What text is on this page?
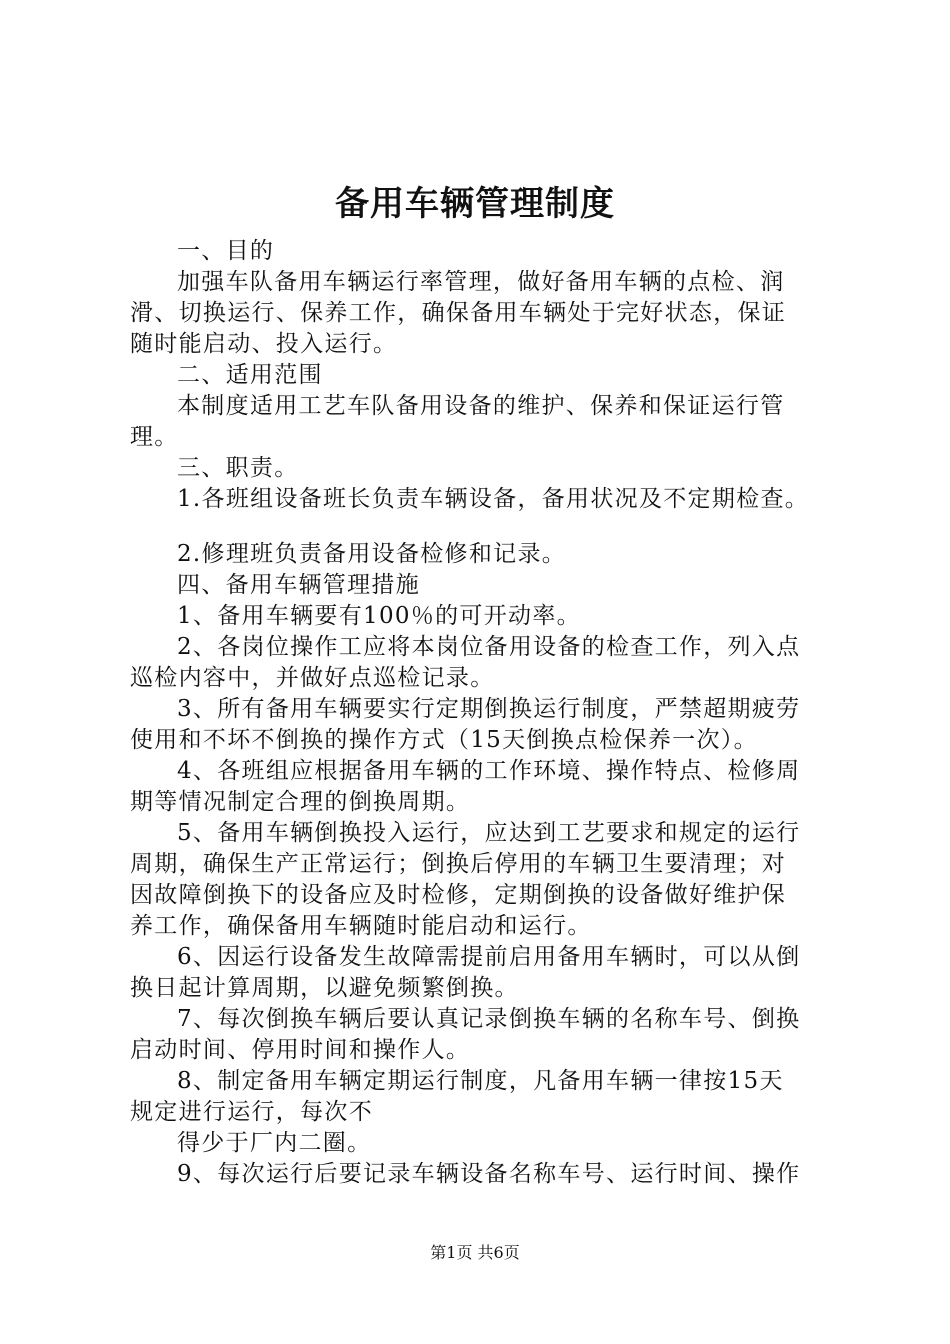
备用车辆管理制度
一、目的
加强车队备用车辆运行率管理，做好备用车辆的点检、润
滑、切换运行、保养工作，确保备用车辆处于完好状态，保证
随时能启动、投入运行。
二、适用范围
本制度适用工艺车队备用设备的维护、保养和保证运行管
理。
三、职责。
1.各班组设备班长负责车辆设备，备用状况及不定期检查。
2.修理班负责备用设备检修和记录。
四、备用车辆管理措施
1、备用车辆要有100％的可开动率。
2、各岗位操作工应将本岗位备用设备的检查工作，列入点
巡检内容中，并做好点巡检记录。
3、所有备用车辆要实行定期倒换运行制度，严禁超期疲劳
使用和不坏不倒换的操作方式（15天倒换点检保养一次）。
4、各班组应根据备用车辆的工作环境、操作特点、检修周
期等情况制定合理的倒换周期。
5、备用车辆倒换投入运行，应达到工艺要求和规定的运行
周期，确保生产正常运行；倒换后停用的车辆卫生要清理；对
因故障倒换下的设备应及时检修，定期倒换的设备做好维护保
养工作，确保备用车辆随时能启动和运行。
6、因运行设备发生故障需提前启用备用车辆时，可以从倒
换日起计算周期，以避免频繁倒换。
7、每次倒换车辆后要认真记录倒换车辆的名称车号、倒换
启动时间、停用时间和操作人。
8、制定备用车辆定期运行制度，凡备用车辆一律按15天
规定进行运行，每次不
得少于厂内二圈。
9、每次运行后要记录车辆设备名称车号、运行时间、操作
第1页 共6页
